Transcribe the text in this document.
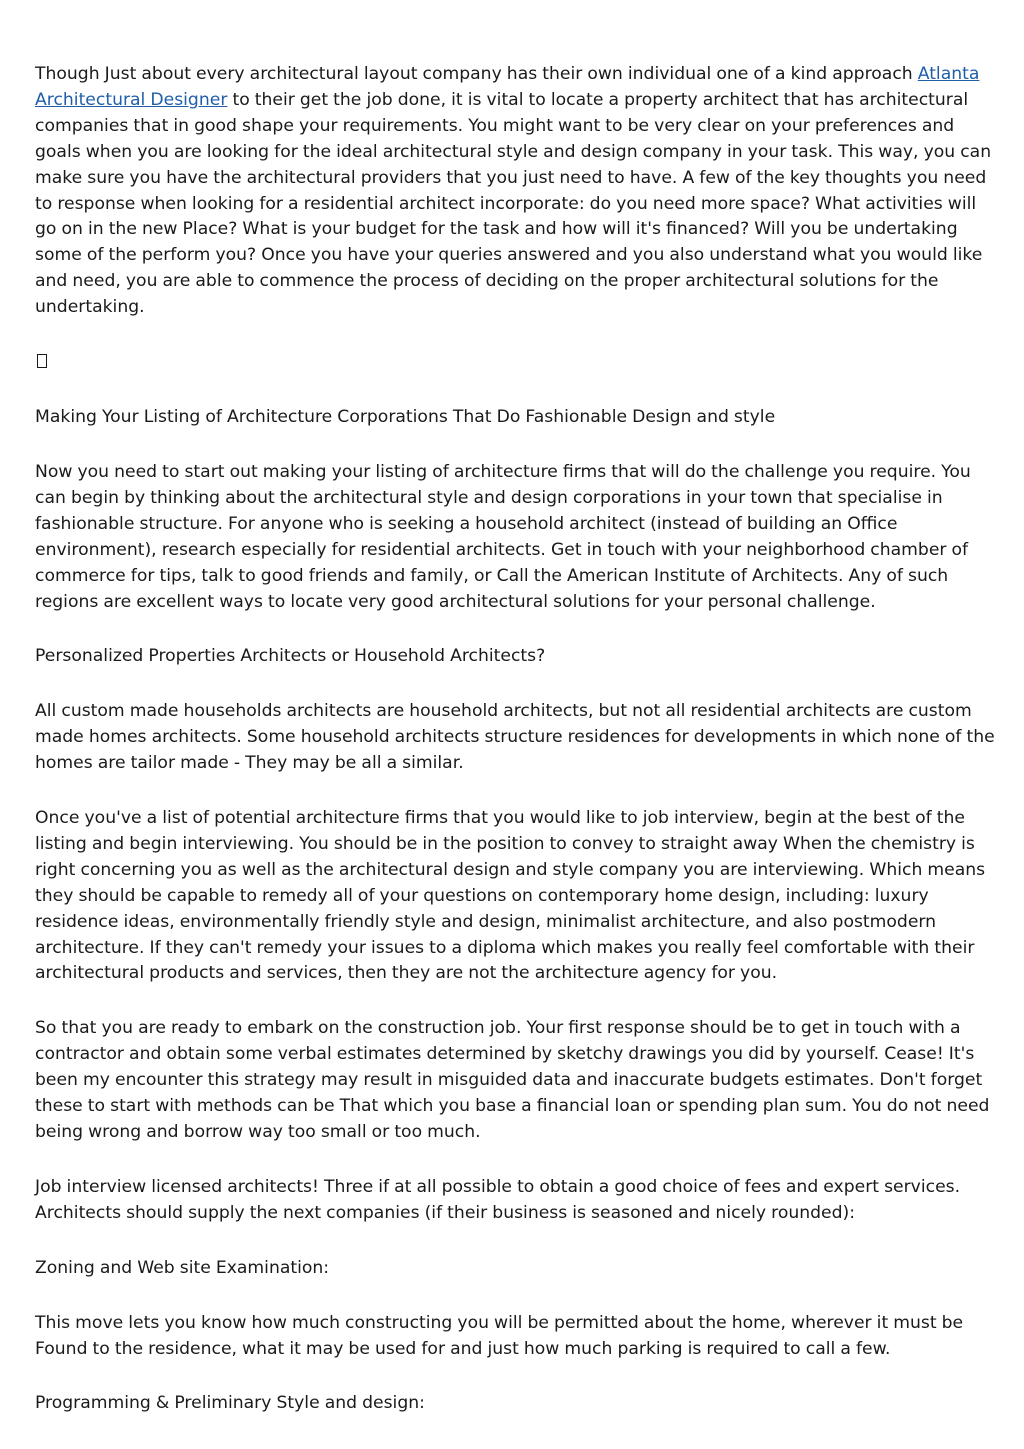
Though Just about every architectural layout company has their own individual one of a kind approach Atlanta Architectural Designer to their get the job done, it is vital to locate a property architect that has architectural companies that in good shape your requirements. You might want to be very clear on your preferences and goals when you are looking for the ideal architectural style and design company in your task. This way, you can make sure you have the architectural providers that you just need to have. A few of the key thoughts you need to response when looking for a residential architect incorporate: do you need more space? What activities will go on in the new Place? What is your budget for the task and how will it's financed? Will you be undertaking some of the perform you? Once you have your queries answered and you also understand what you would like and need, you are able to commence the process of deciding on the proper architectural solutions for the undertaking.

Making Your Listing of Architecture Corporations That Do Fashionable Design and style

Now you need to start out making your listing of architecture firms that will do the challenge you require. You can begin by thinking about the architectural style and design corporations in your town that specialise in fashionable structure. For anyone who is seeking a household architect (instead of building an Office environment), research especially for residential architects. Get in touch with your neighborhood chamber of commerce for tips, talk to good friends and family, or Call the American Institute of Architects. Any of such regions are excellent ways to locate very good architectural solutions for your personal challenge.

Personalized Properties Architects or Household Architects?

All custom made households architects are household architects, but not all residential architects are custom made homes architects. Some household architects structure residences for developments in which none of the homes are tailor made - They may be all a similar.

Once you've a list of potential architecture firms that you would like to job interview, begin at the best of the listing and begin interviewing. You should be in the position to convey to straight away When the chemistry is right concerning you as well as the architectural design and style company you are interviewing. Which means they should be capable to remedy all of your questions on contemporary home design, including: luxury residence ideas, environmentally friendly style and design, minimalist architecture, and also postmodern architecture. If they can't remedy your issues to a diploma which makes you really feel comfortable with their architectural products and services, then they are not the architecture agency for you.

So that you are ready to embark on the construction job. Your first response should be to get in touch with a contractor and obtain some verbal estimates determined by sketchy drawings you did by yourself. Cease! It's been my encounter this strategy may result in misguided data and inaccurate budgets estimates. Don't forget these to start with methods can be That which you base a financial loan or spending plan sum. You do not need being wrong and borrow way too small or too much.

Job interview licensed architects! Three if at all possible to obtain a good choice of fees and expert services. Architects should supply the next companies (if their business is seasoned and nicely rounded):

Zoning and Web site Examination:

This move lets you know how much constructing you will be permitted about the home, wherever it must be Found to the residence, what it may be used for and just how much parking is required to call a few.

Programming & Preliminary Style and design:
